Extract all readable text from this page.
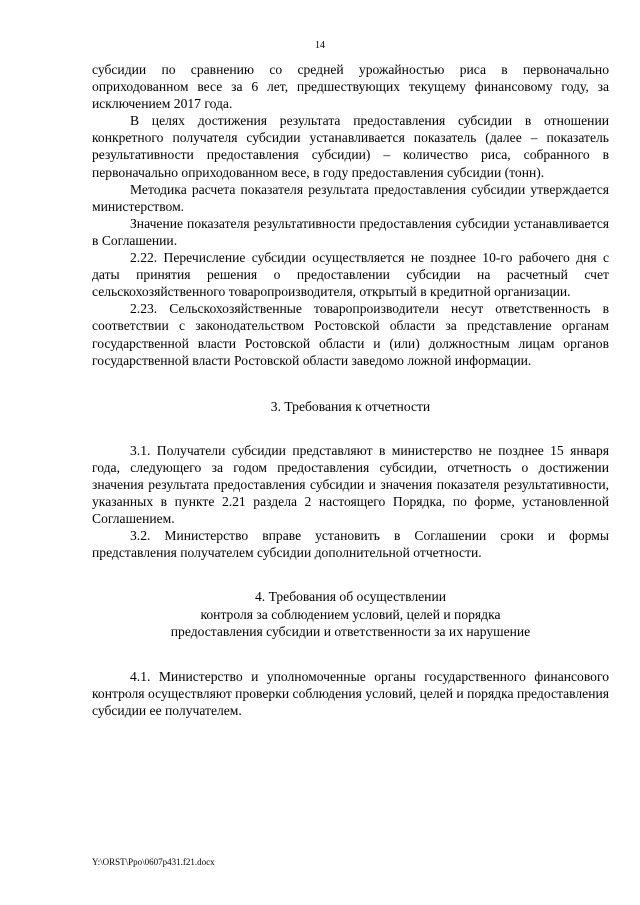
14

субсидии по сравнению со средней урожайностью риса в первоначально оприходованном весе за 6 лет, предшествующих текущему финансовому году, за исключением 2017 года.

В целях достижения результата предоставления субсидии в отношении конкретного получателя субсидии устанавливается показатель (далее – показатель результативности предоставления субсидии) – количество риса, собранного в первоначально оприходованном весе, в году предоставления субсидии (тонн).

Методика расчета показателя результата предоставления субсидии утверждается министерством.

Значение показателя результативности предоставления субсидии устанавливается в Соглашении.

2.22. Перечисление субсидии осуществляется не позднее 10-го рабочего дня с даты принятия решения о предоставлении субсидии на расчетный счет сельскохозяйственного товаропроизводителя, открытый в кредитной организации.

2.23. Сельскохозяйственные товаропроизводители несут ответственность в соответствии с законодательством Ростовской области за представление органам государственной власти Ростовской области и (или) должностным лицам органов государственной власти Ростовской области заведомо ложной информации.

3. Требования к отчетности

3.1. Получатели субсидии представляют в министерство не позднее 15 января года, следующего за годом предоставления субсидии, отчетность о достижении значения результата предоставления субсидии и значения показателя результативности, указанных в пункте 2.21 раздела 2 настоящего Порядка, по форме, установленной Соглашением.

3.2. Министерство вправе установить в Соглашении сроки и формы представления получателем субсидии дополнительной отчетности.

4. Требования об осуществлении
контроля за соблюдением условий, целей и порядка
предоставления субсидии и ответственности за их нарушение

4.1. Министерство и уполномоченные органы государственного финансового контроля осуществляют проверки соблюдения условий, целей и порядка предоставления субсидии ее получателем.

Y:\ORST\Ppo\0607p431.f21.docx
